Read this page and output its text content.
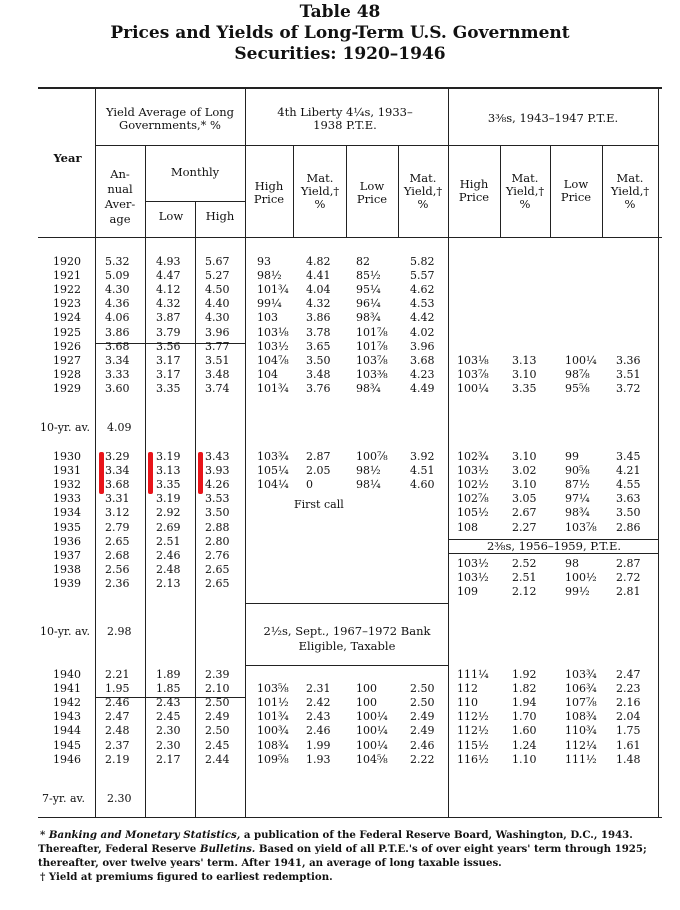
Table 48
Prices and Yields of Long-Term U.S. Government
Securities: 1920–1946
Year
Yield Average of Long Governments,* %
An- nual Aver- age
Monthly
Low	High
4th Liberty 4¼s, 1933–1938 P.T.E.
High Price
Mat. Yield,† %
Low Price
Mat. Yield,† %
3⅜s, 1943–1947 P.T.E.
High Price
Mat. Yield,† %
Low Price
Mat. Yield,† %
2⅜s, 1956–1959, P.T.E.
2½s, Sept., 1967–1972 Bank Eligible, Taxable
First call
10-yr. av. 4.09
10-yr. av. 2.98
7-yr. av. 2.30
1920
1921
1922
1923
1924
1925
1926
1927
1928
1929
5.32
5.09
4.30
4.36
4.06
3.86
3.68
3.34
3.33
3.60
4.93
4.47
4.12
4.32
3.87
3.79
3.56
3.17
3.17
3.35
5.67
5.27
4.50
4.40
4.30
3.96
3.77
3.51
3.48
3.74
93
98½
101¾
99¼
103
103⅛
103½
104⅞
104
101¾
4.82
4.41
4.04
4.32
3.86
3.78
3.65
3.50
3.48
3.76
82
85½
95¼
96¼
98¾
101⅞
101⅞
103⅞
103⅜
98¾
5.82
5.57
4.62
4.53
4.42
4.02
3.96
3.68
4.23
4.49
103⅛
103⅞
100¼
3.13
3.10
3.35
100¼
98⅞
95⅝
3.36
3.51
3.72
1930
1931
1932
1933
1934
1935
1936
1937
1938
1939
3.29
3.34
3.68
3.31
3.12
2.79
2.65
2.68
2.56
2.36
3.19
3.13
3.35
3.19
2.92
2.69
2.51
2.46
2.48
2.13
3.43
3.93
4.26
3.53
3.50
2.88
2.80
2.76
2.65
2.65
103¾
105¼
104¼
2.87
2.05
0
100⅞
98½
98¼
3.92
4.51
4.60
102¾
103½
102½
102⅞
105½
108
3.10
3.02
3.10
3.05
2.67
2.27
99
90⅝
87½
97¼
98¾
103⅞
3.45
4.21
4.55
3.63
3.50
2.86
103½
103½
109
2.52
2.51
2.12
98
100½
99½
2.87
2.72
2.81
1940
1941
1942
1943
1944
1945
1946
2.21
1.95
2.46
2.47
2.48
2.37
2.19
1.89
1.85
2.43
2.45
2.30
2.30
2.17
2.39
2.10
2.50
2.49
2.50
2.45
2.44
103⅝
101½
101¾
100¾
108¾
109⅝
2.31
2.42
2.43
2.46
1.99
1.93
100
100
100¼
100¼
100¼
104⅝
2.50
2.50
2.49
2.49
2.46
2.22
111¼
112
110
112½
112½
115½
116½
1.92
1.82
1.94
1.70
1.60
1.24
1.10
103¾
106¾
107⅞
108¾
110¾
112¼
111½
2.47
2.23
2.16
2.04
1.75
1.61
1.48
* Banking and Monetary Statistics, a publication of the Federal Reserve Board, Washington, D.C., 1943.
Thereafter, Federal Reserve Bulletins. Based on yield of all P.T.E.'s of over eight years' term through 1925;
thereafter, over twelve years' term. After 1941, an average of long taxable issues.
† Yield at premiums figured to earliest redemption.
